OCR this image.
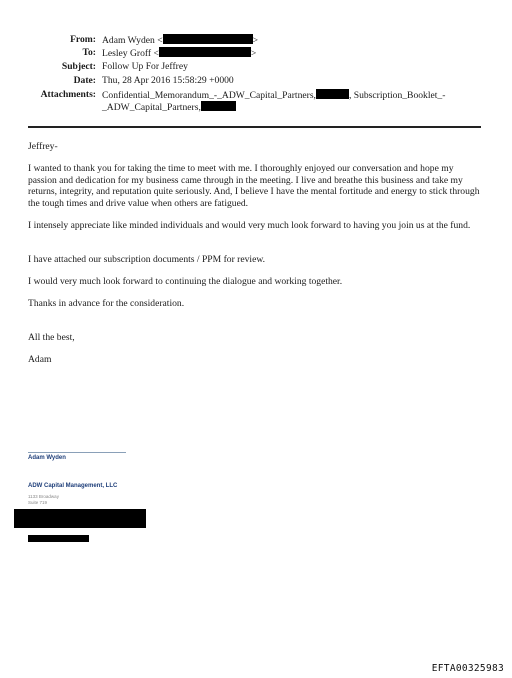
From: Adam Wyden <	>
To: Lesley Groff <	>
Subject: Follow Up For Jeffrey
Date: Thu, 28 Apr 2016 15:58:29 +0000
Attachments: Confidential_Memorandum_-_ADW_Capital_Partners,	, Subscription_Booklet_-
_ADW_Capital_Partners,

Jeffrey-

I wanted to thank you for taking the time to meet with me. I thoroughly enjoyed our conversation and hope my passion and dedication for my business came through in the meeting. I live and breathe this business and take my returns, integrity, and reputation quite seriously. And, I believe I have the mental fortitude and energy to stick through the tough times and drive value when others are fatigued.

I intensely appreciate like minded individuals and would very much look forward to having you join us at the fund.

I have attached our subscription documents / PPM for review.

I would very much look forward to continuing the dialogue and working together.

Thanks in advance for the consideration.

All the best,

Adam

Adam Wyden
ADW Capital Management, LLC
1133 Broadway
Suite 719
EFTA00325983
